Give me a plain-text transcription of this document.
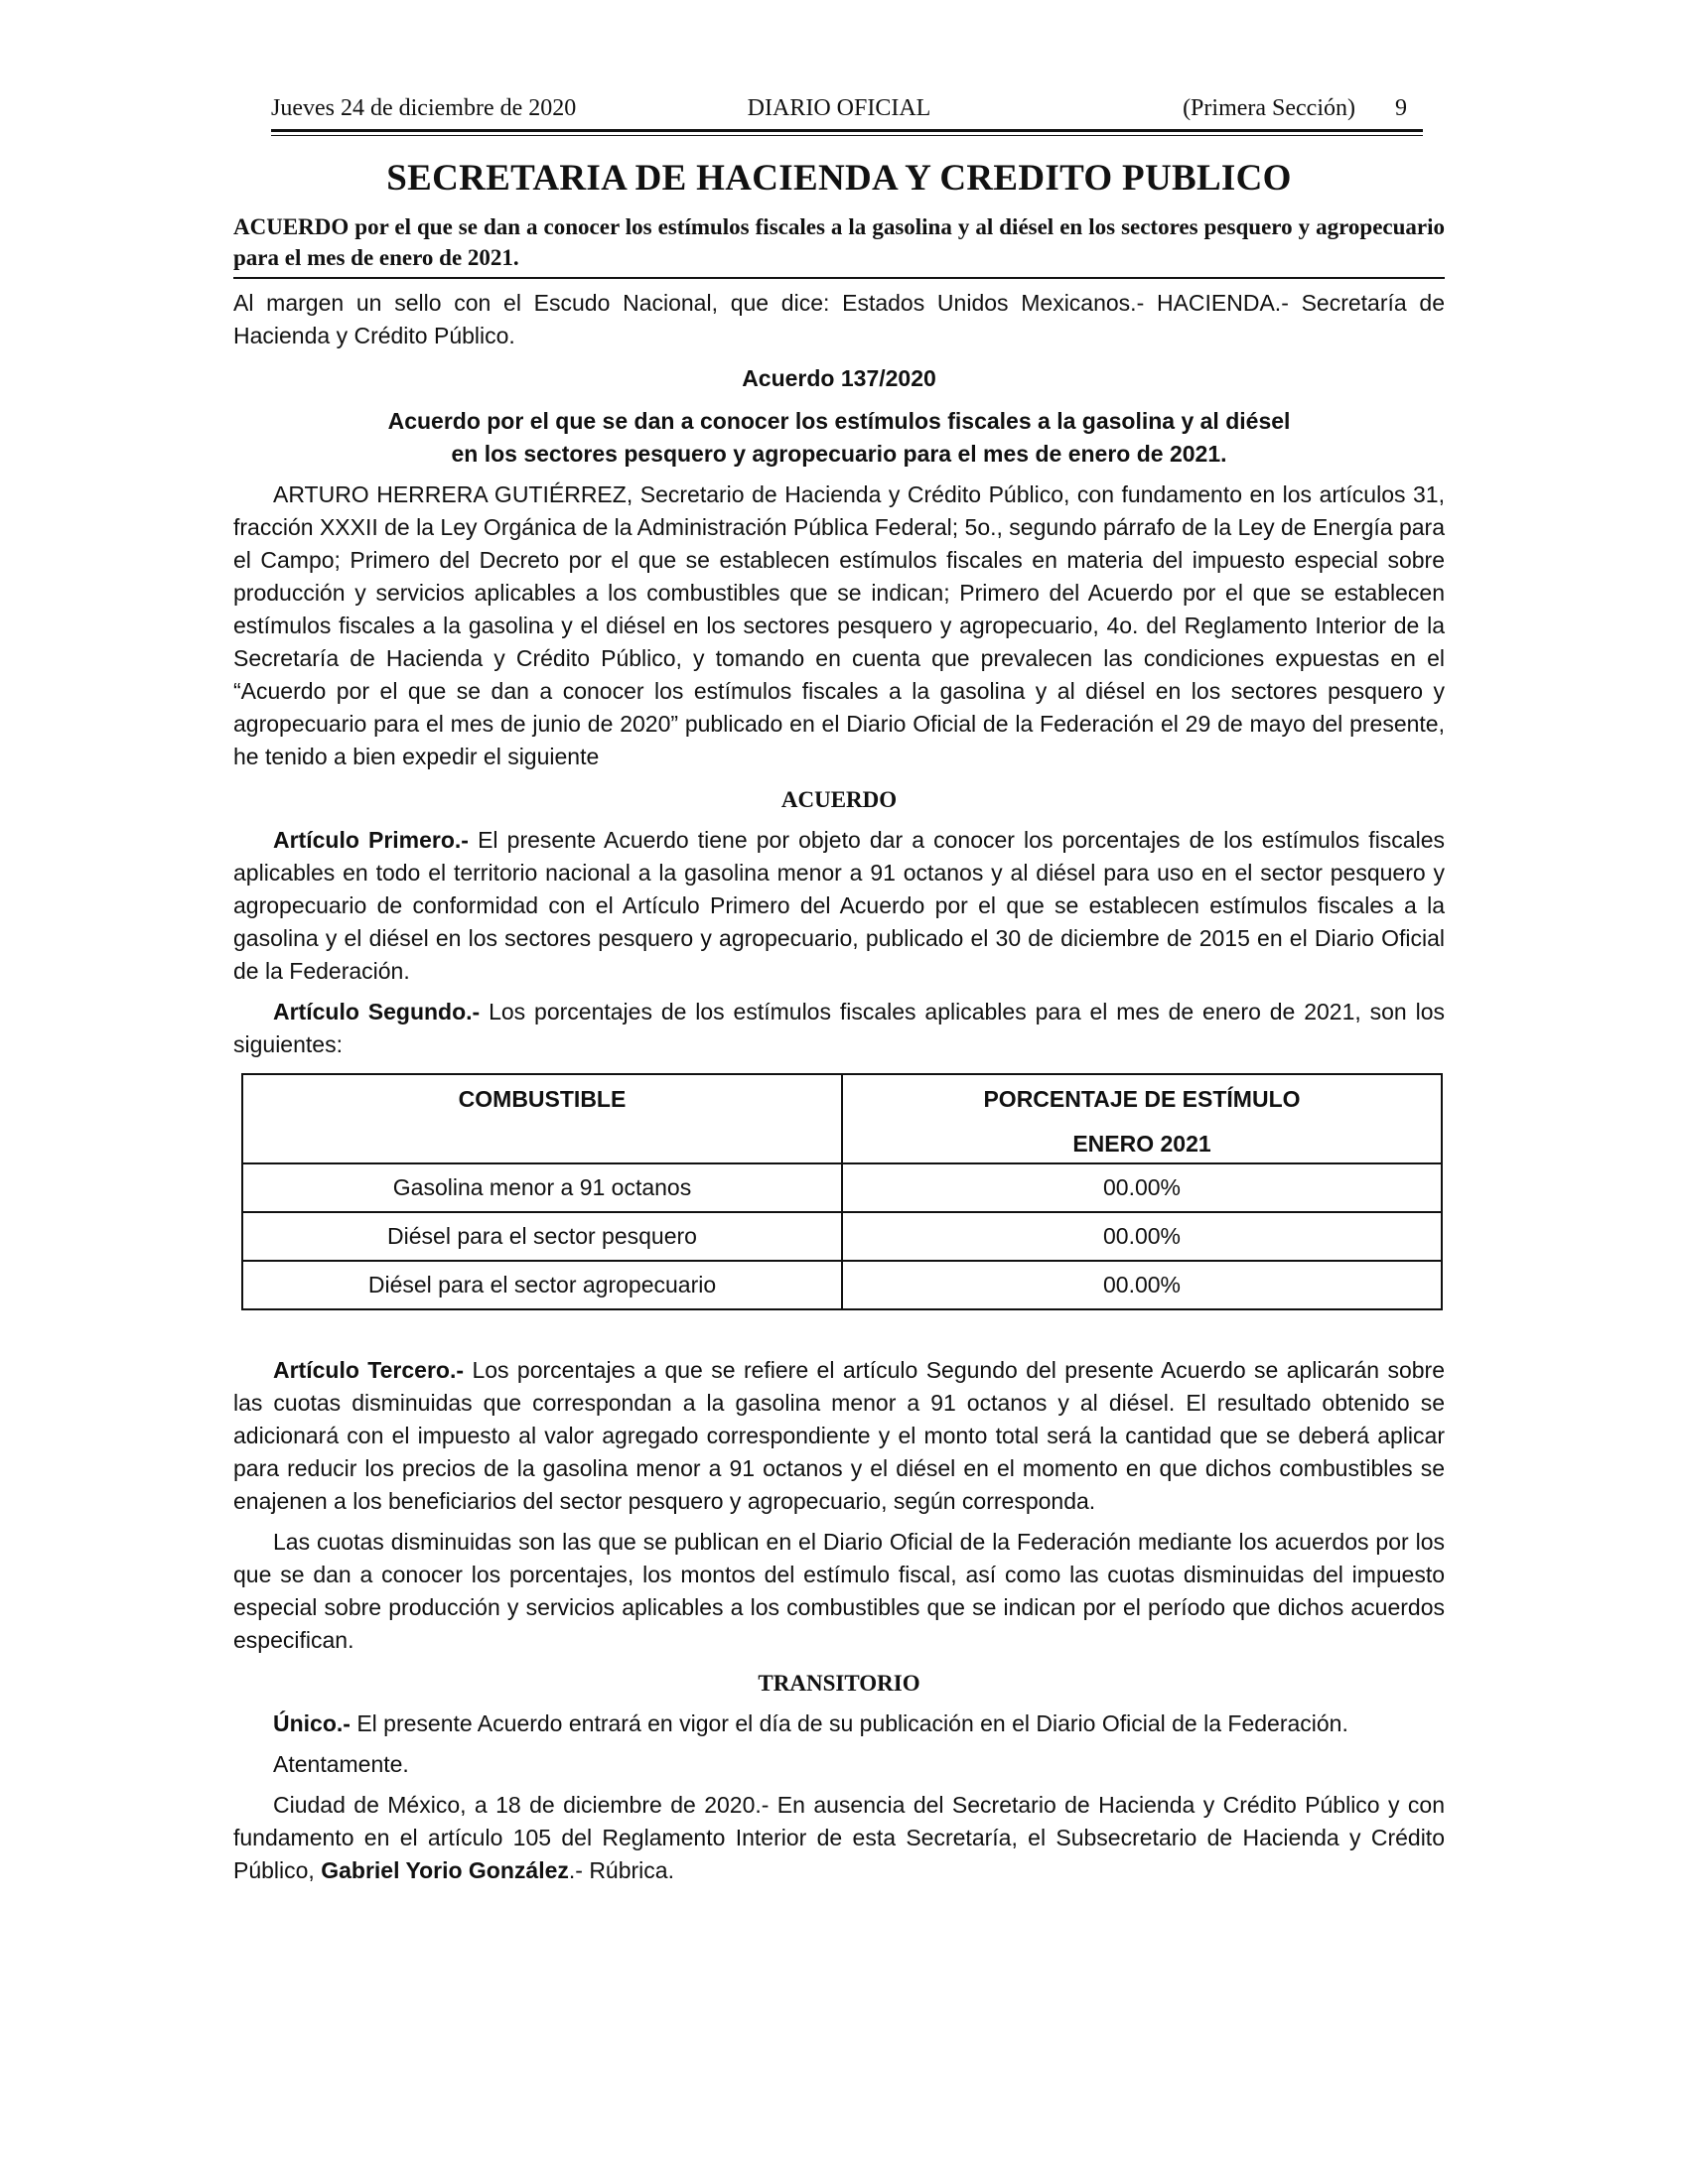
Jueves 24 de diciembre de 2020	DIARIO OFICIAL	(Primera Sección) 9
SECRETARIA DE HACIENDA Y CREDITO PUBLICO
ACUERDO por el que se dan a conocer los estímulos fiscales a la gasolina y al diésel en los sectores pesquero y agropecuario para el mes de enero de 2021.

Al margen un sello con el Escudo Nacional, que dice: Estados Unidos Mexicanos.- HACIENDA.- Secretaría de Hacienda y Crédito Público.

Acuerdo 137/2020
Acuerdo por el que se dan a conocer los estímulos fiscales a la gasolina y al diésel
en los sectores pesquero y agropecuario para el mes de enero de 2021.

ARTURO HERRERA GUTIÉRREZ, Secretario de Hacienda y Crédito Público, con fundamento en los artículos 31, fracción XXXII de la Ley Orgánica de la Administración Pública Federal; 5o., segundo párrafo de la Ley de Energía para el Campo; Primero del Decreto por el que se establecen estímulos fiscales en materia del impuesto especial sobre producción y servicios aplicables a los combustibles que se indican; Primero del Acuerdo por el que se establecen estímulos fiscales a la gasolina y el diésel en los sectores pesquero y agropecuario, 4o. del Reglamento Interior de la Secretaría de Hacienda y Crédito Público, y tomando en cuenta que prevalecen las condiciones expuestas en el “Acuerdo por el que se dan a conocer los estímulos fiscales a la gasolina y al diésel en los sectores pesquero y agropecuario para el mes de junio de 2020” publicado en el Diario Oficial de la Federación el 29 de mayo del presente, he tenido a bien expedir el siguiente

ACUERDO

Artículo Primero.- El presente Acuerdo tiene por objeto dar a conocer los porcentajes de los estímulos fiscales aplicables en todo el territorio nacional a la gasolina menor a 91 octanos y al diésel para uso en el sector pesquero y agropecuario de conformidad con el Artículo Primero del Acuerdo por el que se establecen estímulos fiscales a la gasolina y el diésel en los sectores pesquero y agropecuario, publicado el 30 de diciembre de 2015 en el Diario Oficial de la Federación.

Artículo Segundo.- Los porcentajes de los estímulos fiscales aplicables para el mes de enero de 2021, son los siguientes:

COMBUSTIBLE	PORCENTAJE DE ESTÍMULO
ENERO 2021

Gasolina menor a 91 octanos	00.00%
Diésel para el sector pesquero	00.00%
Diésel para el sector agropecuario	00.00%

Artículo Tercero.- Los porcentajes a que se refiere el artículo Segundo del presente Acuerdo se aplicarán sobre las cuotas disminuidas que correspondan a la gasolina menor a 91 octanos y al diésel. El resultado obtenido se adicionará con el impuesto al valor agregado correspondiente y el monto total será la cantidad que se deberá aplicar para reducir los precios de la gasolina menor a 91 octanos y el diésel en el momento en que dichos combustibles se enajenen a los beneficiarios del sector pesquero y agropecuario, según corresponda.

Las cuotas disminuidas son las que se publican en el Diario Oficial de la Federación mediante los acuerdos por los que se dan a conocer los porcentajes, los montos del estímulo fiscal, así como las cuotas disminuidas del impuesto especial sobre producción y servicios aplicables a los combustibles que se indican por el período que dichos acuerdos especifican.

TRANSITORIO

Único.- El presente Acuerdo entrará en vigor el día de su publicación en el Diario Oficial de la Federación.

Atentamente.

Ciudad de México, a 18 de diciembre de 2020.- En ausencia del Secretario de Hacienda y Crédito Público y con fundamento en el artículo 105 del Reglamento Interior de esta Secretaría, el Subsecretario de Hacienda y Crédito Público, Gabriel Yorio González.- Rúbrica.
